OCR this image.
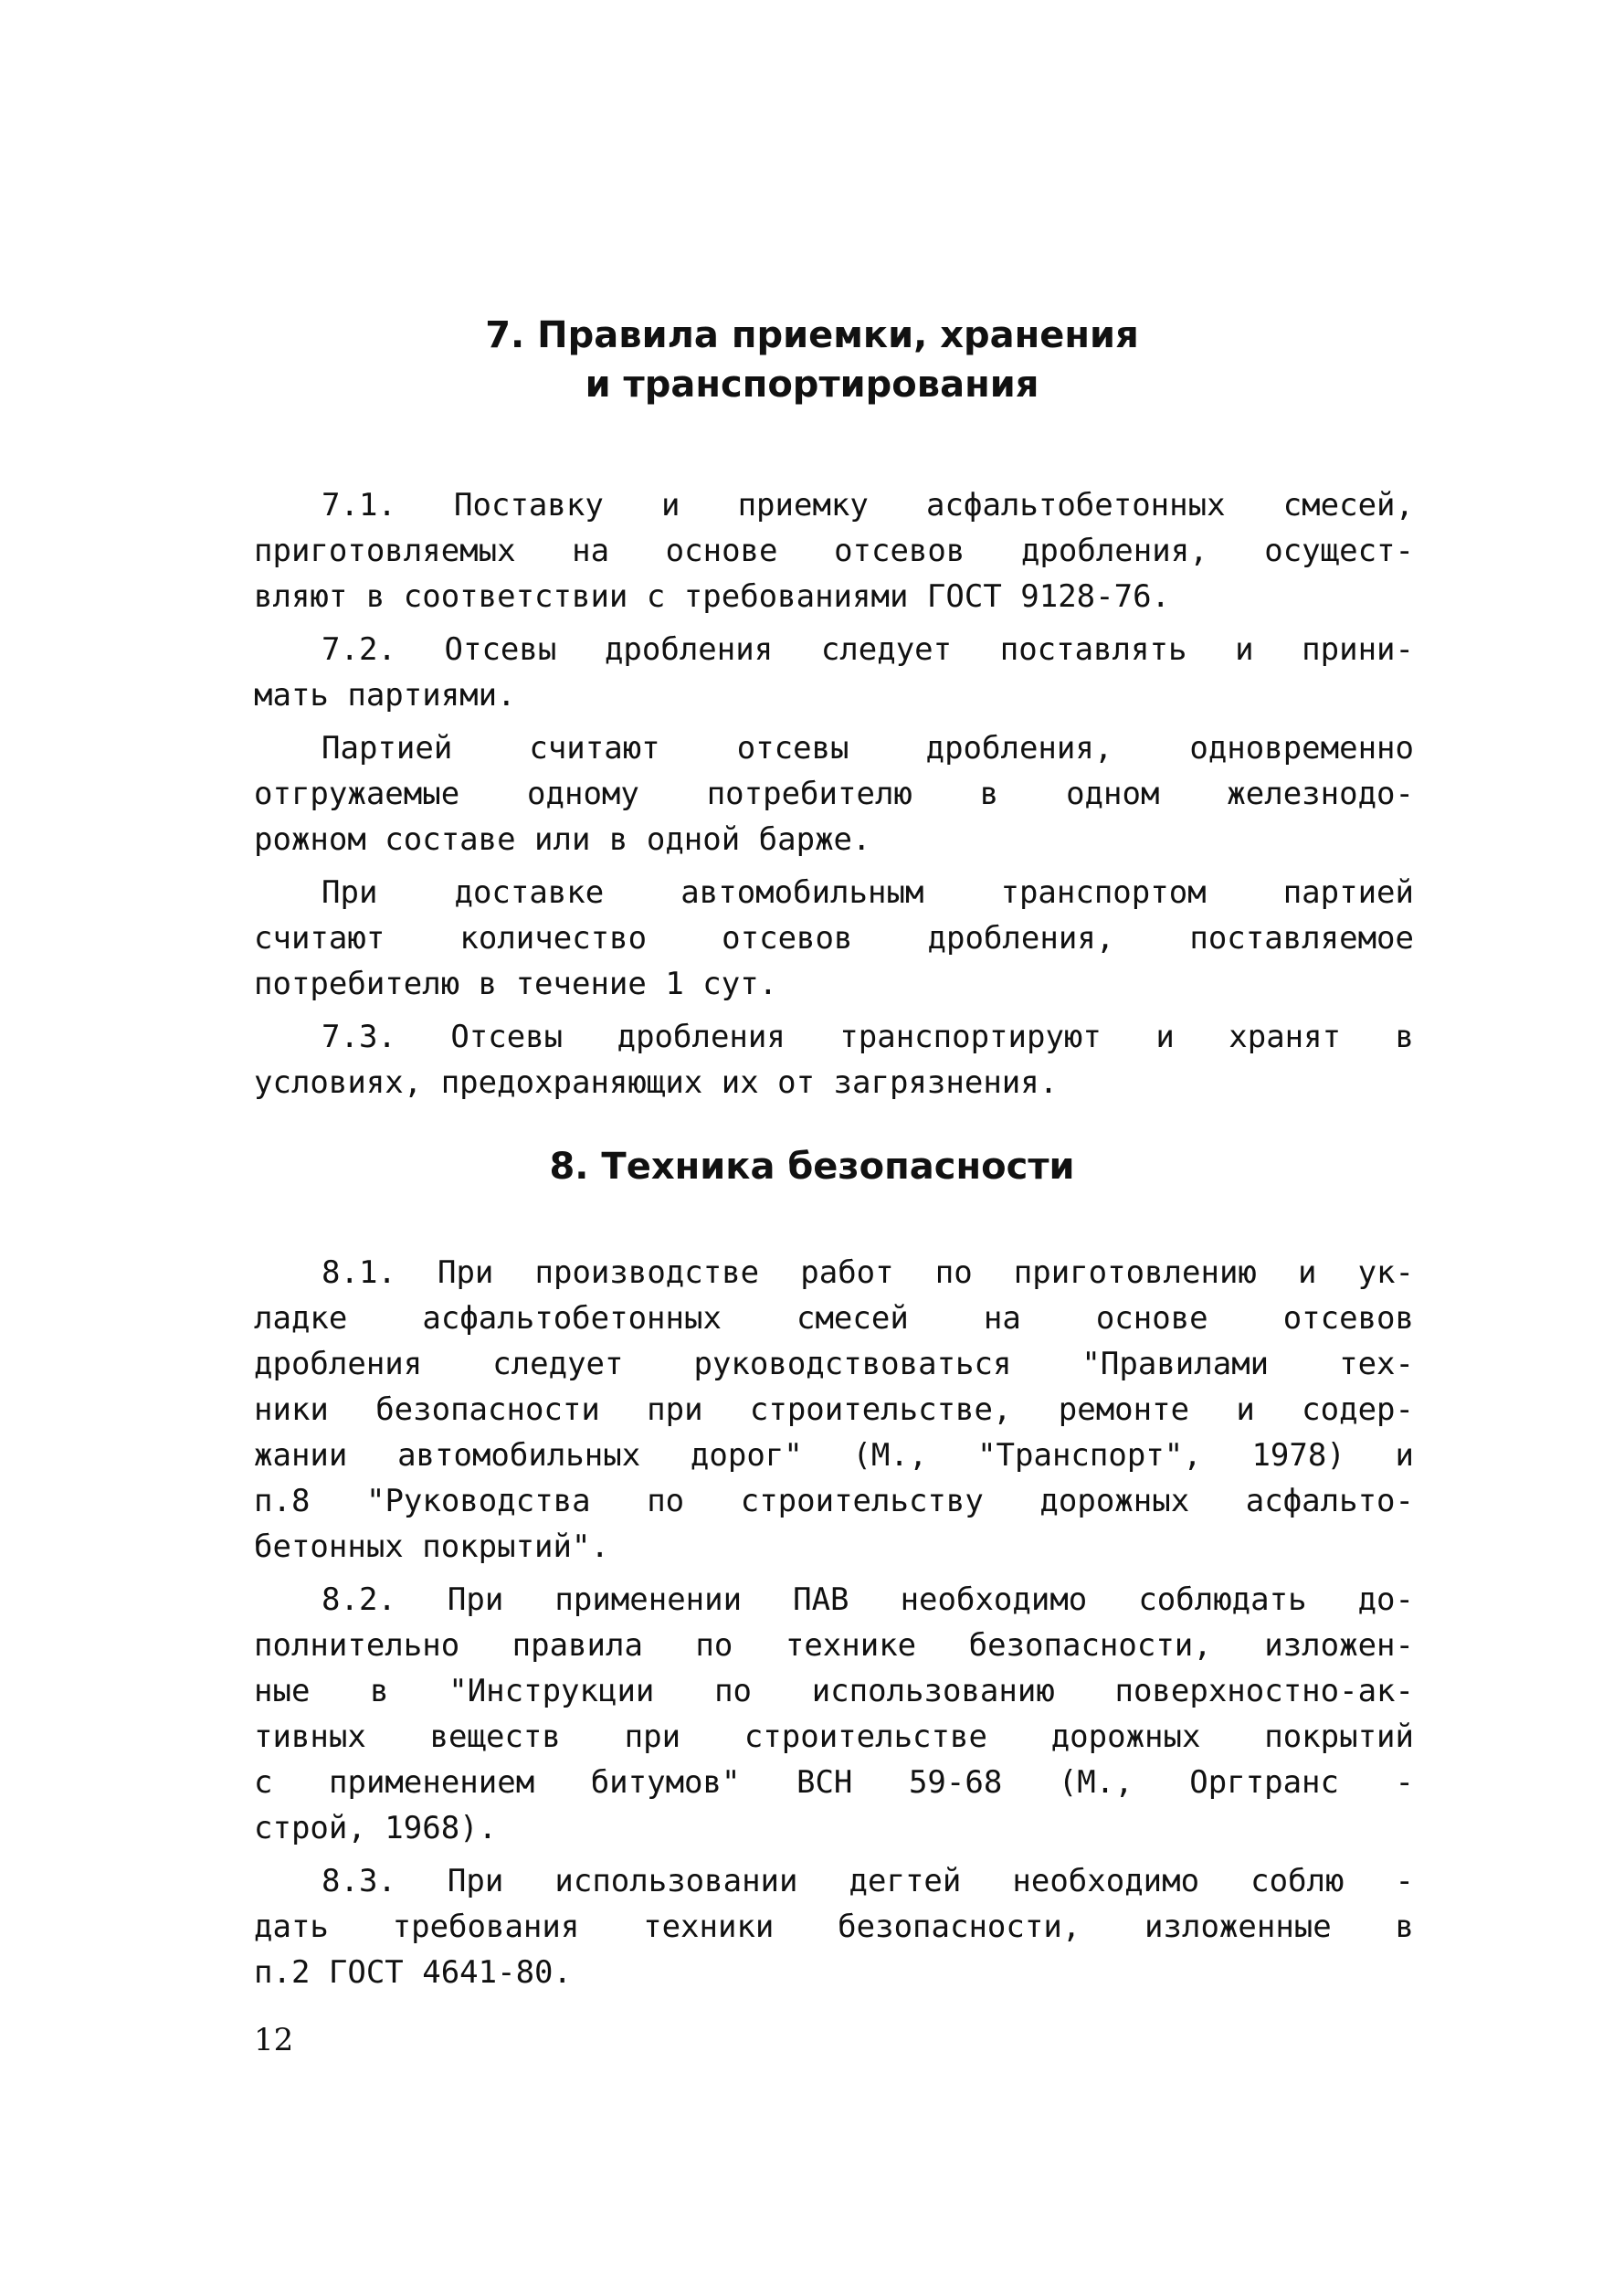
7. Правила приемки, хранения
и транспортирования

7.1. Поставку и приемку асфальтобетонных смесей,
приготовляемых на основе отсевов дробления, осущест-
вляют в соответствии с требованиями ГОСТ 9128-76.

7.2. Отсевы дробления следует поставлять и прини-
мать партиями.

Партией считают отсевы дробления, одновременно
отгружаемые одному потребителю в одном железнодо-
рожном составе или в одной барже.

При доставке автомобильным транспортом партией
считают количество отсевов дробления, поставляемое
потребителю в течение 1 сут.

7.3. Отсевы дробления транспортируют и хранят в
условиях, предохраняющих их от загрязнения.

8. Техника безопасности

8.1. При производстве работ по приготовлению и ук-
ладке асфальтобетонных смесей на основе отсевов
дробления следует руководствоваться "Правилами тех-
ники безопасности при строительстве, ремонте и содер-
жании автомобильных дорог" (М., "Транспорт", 1978) и
п.8 "Руководства по строительству дорожных асфальто-
бетонных покрытий".

8.2. При применении ПАВ необходимо соблюдать до-
полнительно правила по технике безопасности, изложен-
ные в "Инструкции по использованию поверхностно-ак-
тивных веществ при строительстве дорожных покрытий
с применением битумов" ВСН 59-68 (М., Оргтранс -
строй, 1968).

8.3. При использовании дегтей необходимо соблю -
дать требования техники безопасности, изложенные в
п.2 ГОСТ 4641-80.

12
